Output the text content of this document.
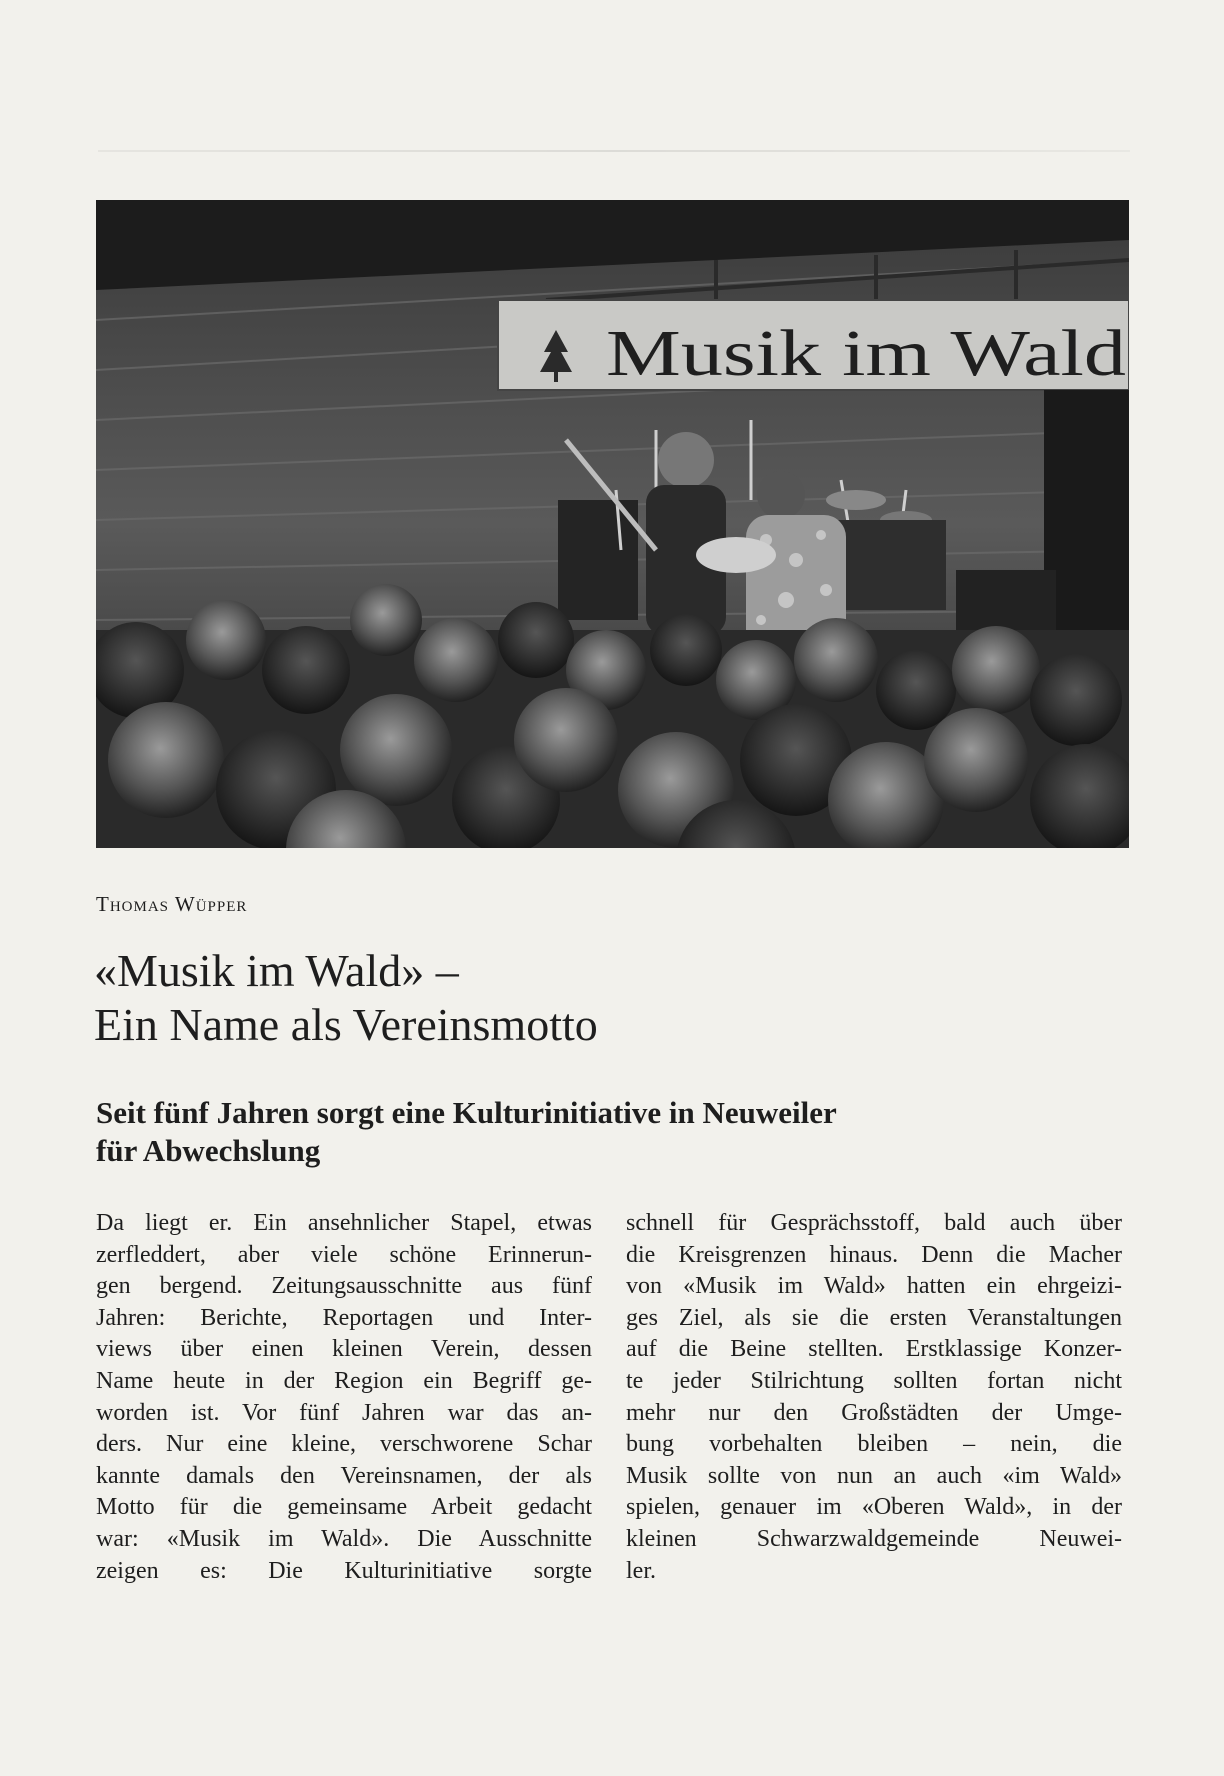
Musik im Wald
Thomas Wüpper
«Musik im Wald» –
Ein Name als Vereinsmotto
Seit fünf Jahren sorgt eine Kulturinitiative in Neuweiler
für Abwechslung
Da liegt er. Ein ansehnlicher Stapel, etwas
zerfleddert, aber viele schöne Erinnerun-
gen bergend. Zeitungsausschnitte aus fünf
Jahren: Berichte, Reportagen und Inter-
views über einen kleinen Verein, dessen
Name heute in der Region ein Begriff ge-
worden ist. Vor fünf Jahren war das an-
ders. Nur eine kleine, verschworene Schar
kannte damals den Vereinsnamen, der als
Motto für die gemeinsame Arbeit gedacht
war: «Musik im Wald». Die Ausschnitte
zeigen es: Die Kulturinitiative sorgte
schnell für Gesprächsstoff, bald auch über
die Kreisgrenzen hinaus. Denn die Macher
von «Musik im Wald» hatten ein ehrgeizi-
ges Ziel, als sie die ersten Veranstaltungen
auf die Beine stellten. Erstklassige Konzer-
te jeder Stilrichtung sollten fortan nicht
mehr nur den Großstädten der Umge-
bung vorbehalten bleiben – nein, die
Musik sollte von nun an auch «im Wald»
spielen, genauer im «Oberen Wald», in der
kleinen Schwarzwaldgemeinde Neuwei-
ler.
